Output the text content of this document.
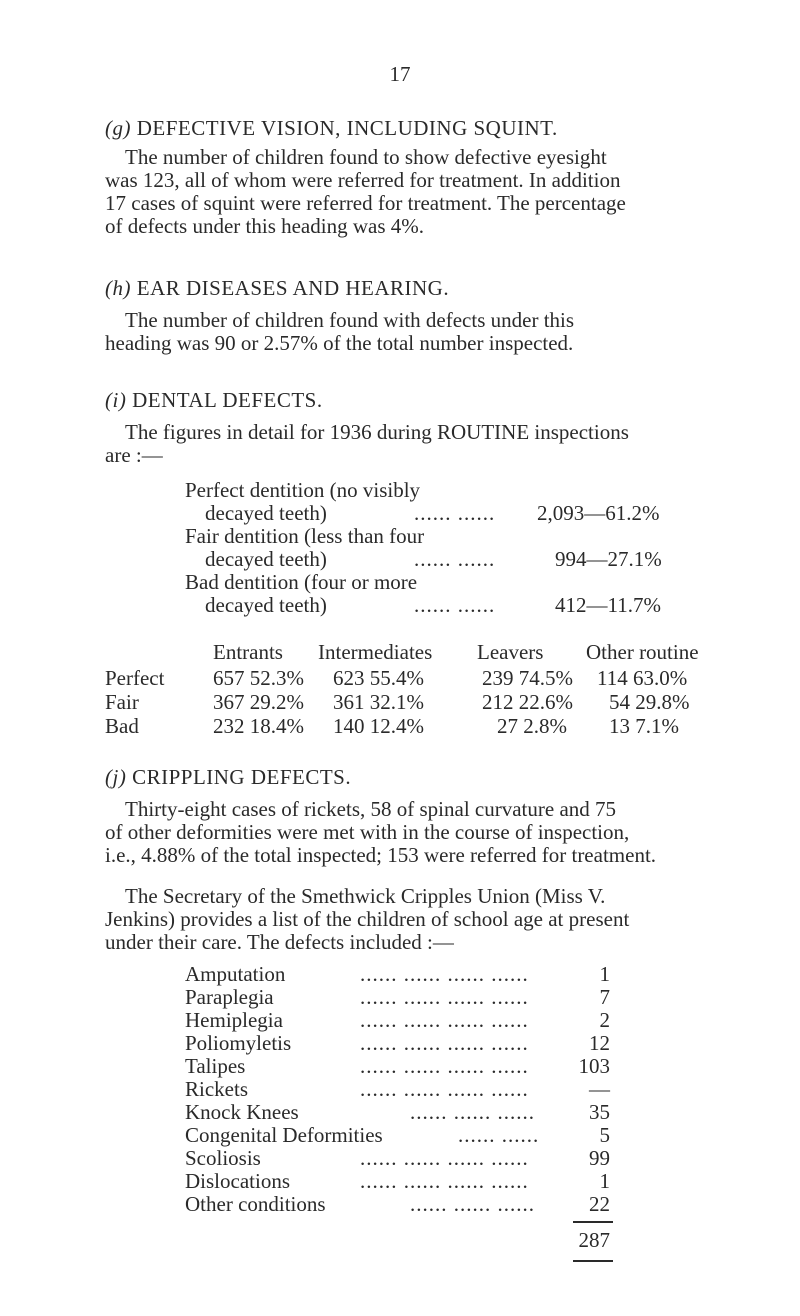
17
(g) DEFECTIVE VISION, INCLUDING SQUINT.

The number of children found to show defective eyesight

was 123, all of whom were referred for treatment. In addition

17 cases of squint were referred for treatment. The percentage

of defects under this heading was 4%.

(h) EAR DISEASES AND HEARING.

The number of children found with defects under this

heading was 90 or 2.57% of the total number inspected.

(i) DENTAL DEFECTS.

The figures in detail for 1936 during ROUTINE inspections

are :—

Perfect dentition (no visibly
decayed teeth)	...... ...... 2,093—61.2%
Fair dentition (less than four
decayed teeth)	...... ......	994—27.1%
Bad dentition (four or more
decayed teeth)	...... ......	412—11.7%
Entrants Intermediates Leavers Other routine
Perfect 657 52.3% 623 55.4%	239 74.5% 114 63.0%
Fair	367 29.2% 361 32.1%	212 22.6% 54 29.8%
Bad	232 18.4% 140 12.4%	27 2.8% 13 7.1%
(j) CRIPPLING DEFECTS.

Thirty-eight cases of rickets, 58 of spinal curvature and 75

of other deformities were met with in the course of inspection,

i.e., 4.88% of the total inspected; 153 were referred for treatment.

The Secretary of the Smethwick Cripples Union (Miss V.

Jenkins) provides a list of the children of school age at present

under their care. The defects included :—

Amputation	...... ...... ...... ......	1
Paraplegia	...... ...... ...... ......	7
Hemiplegia	...... ...... ...... ......	2
Poliomyletis	...... ...... ...... ......	12
Talipes	...... ...... ...... ......	103
Rickets	...... ...... ...... ......	—
Knock Knees	...... ...... ......	35
Congenital Deformities	...... ......	5
Scoliosis	...... ...... ...... ......	99
Dislocations	...... ...... ...... ......	1
Other conditions	...... ...... ......	22
287
